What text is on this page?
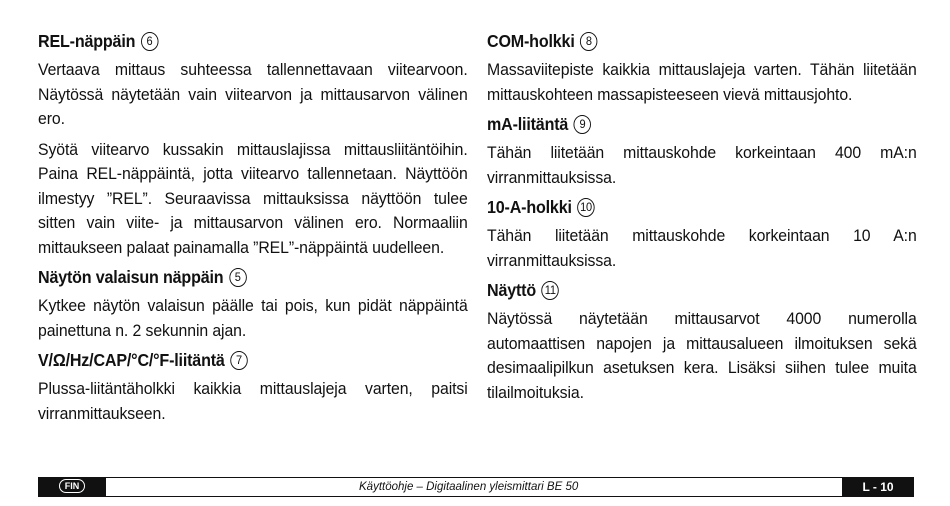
REL-näppäin 6

Vertaava mittaus suhteessa tallennettavaan viitearvoon. Näytössä näytetään vain viitearvon ja mittausarvon välinen ero.

Syötä viitearvo kussakin mittauslajissa mittausliitäntöihin. Paina REL-näppäintä, jotta viitearvo tallennetaan. Näyttöön ilmestyy ”REL”. Seuraavissa mittauksissa näyttöön tulee sitten vain viite- ja mittausarvon välinen ero. Normaaliin mittaukseen palaat painamalla ”REL”-näppäintä uudelleen.

Näytön valaisun näppäin 5

Kytkee näytön valaisun päälle tai pois, kun pidät näppäintä painettuna n. 2 sekunnin ajan.

V/Ω/Hz/CAP/°C/°F-liitäntä 7

Plussa-liitäntäholkki kaikkia mittauslajeja varten, paitsi virranmittaukseen.

COM-holkki 8

Massaviitepiste kaikkia mittauslajeja varten. Tähän liitetään mittauskohteen massapisteeseen vievä mittausjohto.

mA-liitäntä 9

Tähän liitetään mittauskohde korkeintaan 400 mA:n virranmittauksissa.

10-A-holkki 10

Tähän liitetään mittauskohde korkeintaan 10 A:n virranmittauksissa.

Näyttö 11

Näytössä näytetään mittausarvot 4000 numerolla automaattisen napojen ja mittausalueen ilmoituksen sekä desimaalipilkun asetuksen kera. Lisäksi siihen tulee muita tilailmoituksia.

FIN	Käyttöohje – Digitaalinen yleismittari BE 50	L - 10
